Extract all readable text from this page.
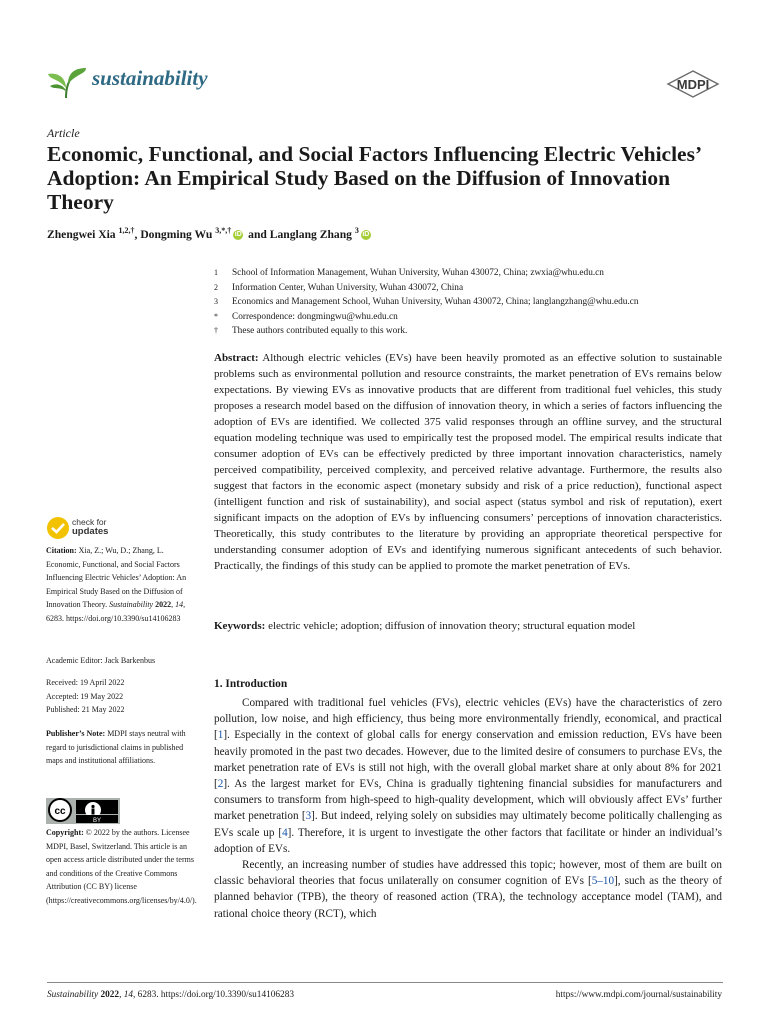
sustainability	MDPI
Article
Economic, Functional, and Social Factors Influencing Electric Vehicles’ Adoption: An Empirical Study Based on the Diffusion of Innovation Theory
Zhengwei Xia $^{1,2,\dagger}$, Dongming Wu $^{3,*,\dagger}$ iD and Langlang Zhang $^3$ iD
1	School of Information Management, Wuhan University, Wuhan 430072, China; zwxia@whu.edu.cn
2	Information Center, Wuhan University, Wuhan 430072, China
3	Economics and Management School, Wuhan University, Wuhan 430072, China; langlangzhang@whu.edu.cn
*	Correspondence: dongmingwu@whu.edu.cn
†	These authors contributed equally to this work.
Abstract: Although electric vehicles (EVs) have been heavily promoted as an effective solution to sustainable problems such as environmental pollution and resource constraints, the market penetration of EVs remains below expectations. By viewing EVs as innovative products that are different from traditional fuel vehicles, this study proposes a research model based on the diffusion of innovation theory, in which a series of factors influencing the adoption of EVs are identified. We collected 375 valid responses through an offline survey, and the structural equation modeling technique was used to empirically test the proposed model. The empirical results indicate that consumer adoption of EVs can be effectively predicted by three important innovation characteristics, namely perceived compatibility, perceived complexity, and perceived relative advantage. Furthermore, the results also suggest that factors in the economic aspect (monetary subsidy and risk of a price reduction), functional aspect (intelligent function and risk of sustainability), and social aspect (status symbol and risk of reputation), exert significant impacts on the adoption of EVs by influencing consumers’ perceptions of innovation characteristics. Theoretically, this study contributes to the literature by providing an appropriate theoretical perspective for understanding consumer adoption of EVs and identifying numerous significant antecedents of such behavior. Practically, the findings of this study can be applied to promote the market penetration of EVs.
Keywords: electric vehicle; adoption; diffusion of innovation theory; structural equation model
check for
updates
Citation: Xia, Z.; Wu, D.; Zhang, L. Economic, Functional, and Social Factors Influencing Electric Vehicles’ Adoption: An Empirical Study Based on the Diffusion of Innovation Theory. Sustainability 2022, 14, 6283. https://doi.org/10.3390/su14106283
Academic Editor: Jack Barkenbus
Received: 19 April 2022
Accepted: 19 May 2022
Published: 21 May 2022
Publisher’s Note: MDPI stays neutral with regard to jurisdictional claims in published maps and institutional affiliations.
cc
BY
Copyright: © 2022 by the authors. Licensee MDPI, Basel, Switzerland. This article is an open access article distributed under the terms and conditions of the Creative Commons Attribution (CC BY) license (https://creativecommons.org/licenses/by/4.0/).
1. Introduction

Compared with traditional fuel vehicles (FVs), electric vehicles (EVs) have the characteristics of zero pollution, low noise, and high efficiency, thus being more environmentally friendly, economical, and practical [1]. Especially in the context of global calls for energy conservation and emission reduction, EVs have been heavily promoted in the past two decades. However, due to the limited desire of consumers to purchase EVs, the market penetration rate of EVs is still not high, with the overall global market share at only about 8% for 2021 [2]. As the largest market for EVs, China is gradually tightening financial subsidies for manufacturers and consumers to transform from high-speed to high-quality development, which will obviously affect EVs’ further market penetration [3]. But indeed, relying solely on subsidies may ultimately become politically challenging as EVs scale up [4]. Therefore, it is urgent to investigate the other factors that facilitate or hinder an individual’s adoption of EVs.

Recently, an increasing number of studies have addressed this topic; however, most of them are built on classic behavioral theories that focus unilaterally on consumer cognition of EVs [5–10], such as the theory of planned behavior (TPB), the theory of reasoned action (TRA), the technology acceptance model (TAM), and rational choice theory (RCT), which

Sustainability 2022, 14, 6283. https://doi.org/10.3390/su14106283	https://www.mdpi.com/journal/sustainability
